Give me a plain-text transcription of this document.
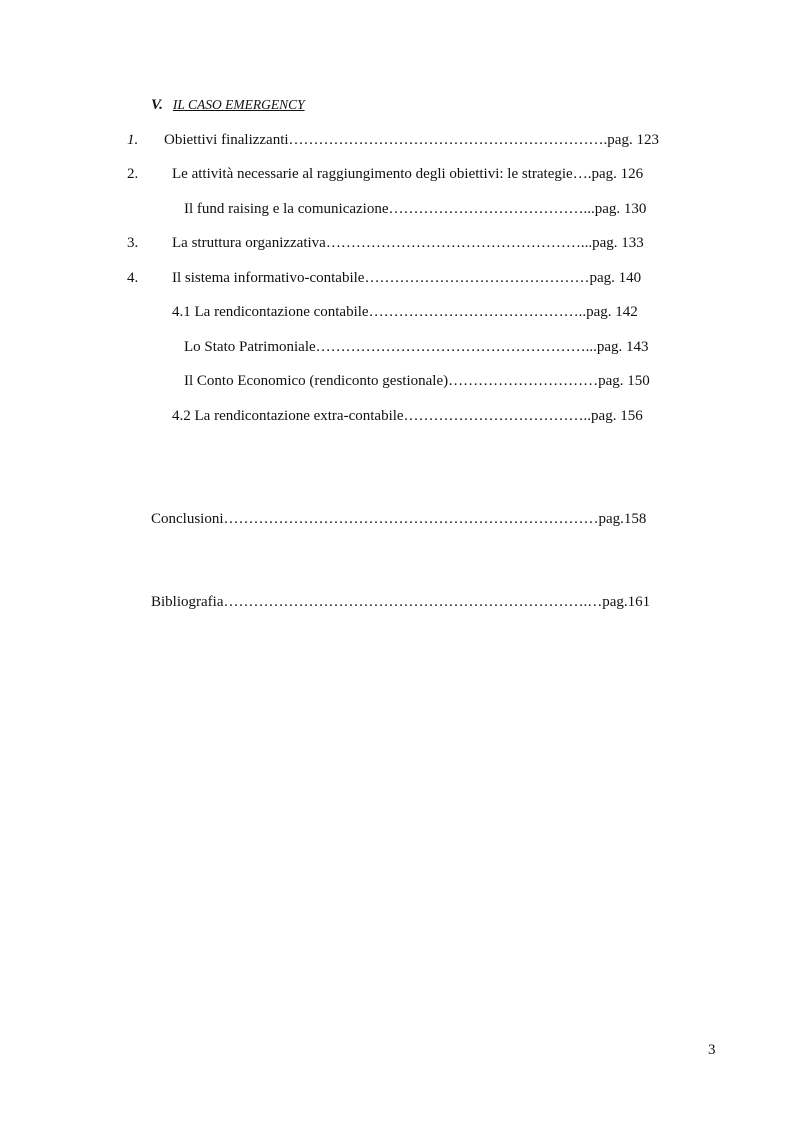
V. IL CASO EMERGENCY
1. Obiettivi finalizzanti……………………………………………………….pag. 123
2. Le attività necessarie al raggiungimento degli obiettivi: le strategie….pag. 126
Il fund raising e la comunicazione…………………………………...pag. 130
3. La struttura organizzativa……………………………………………...pag. 133
4. Il sistema informativo-contabile………………………………………pag. 140
4.1 La rendicontazione contabile……………………………………..pag. 142
Lo Stato Patrimoniale………………………………………………...pag. 143
Il Conto Economico (rendiconto gestionale)…………………………pag. 150
4.2 La rendicontazione extra-contabile………………………………..pag. 156
Conclusioni…………………………………………………………………pag.158
Bibliografia……………………………………………………………….…pag.161
3
